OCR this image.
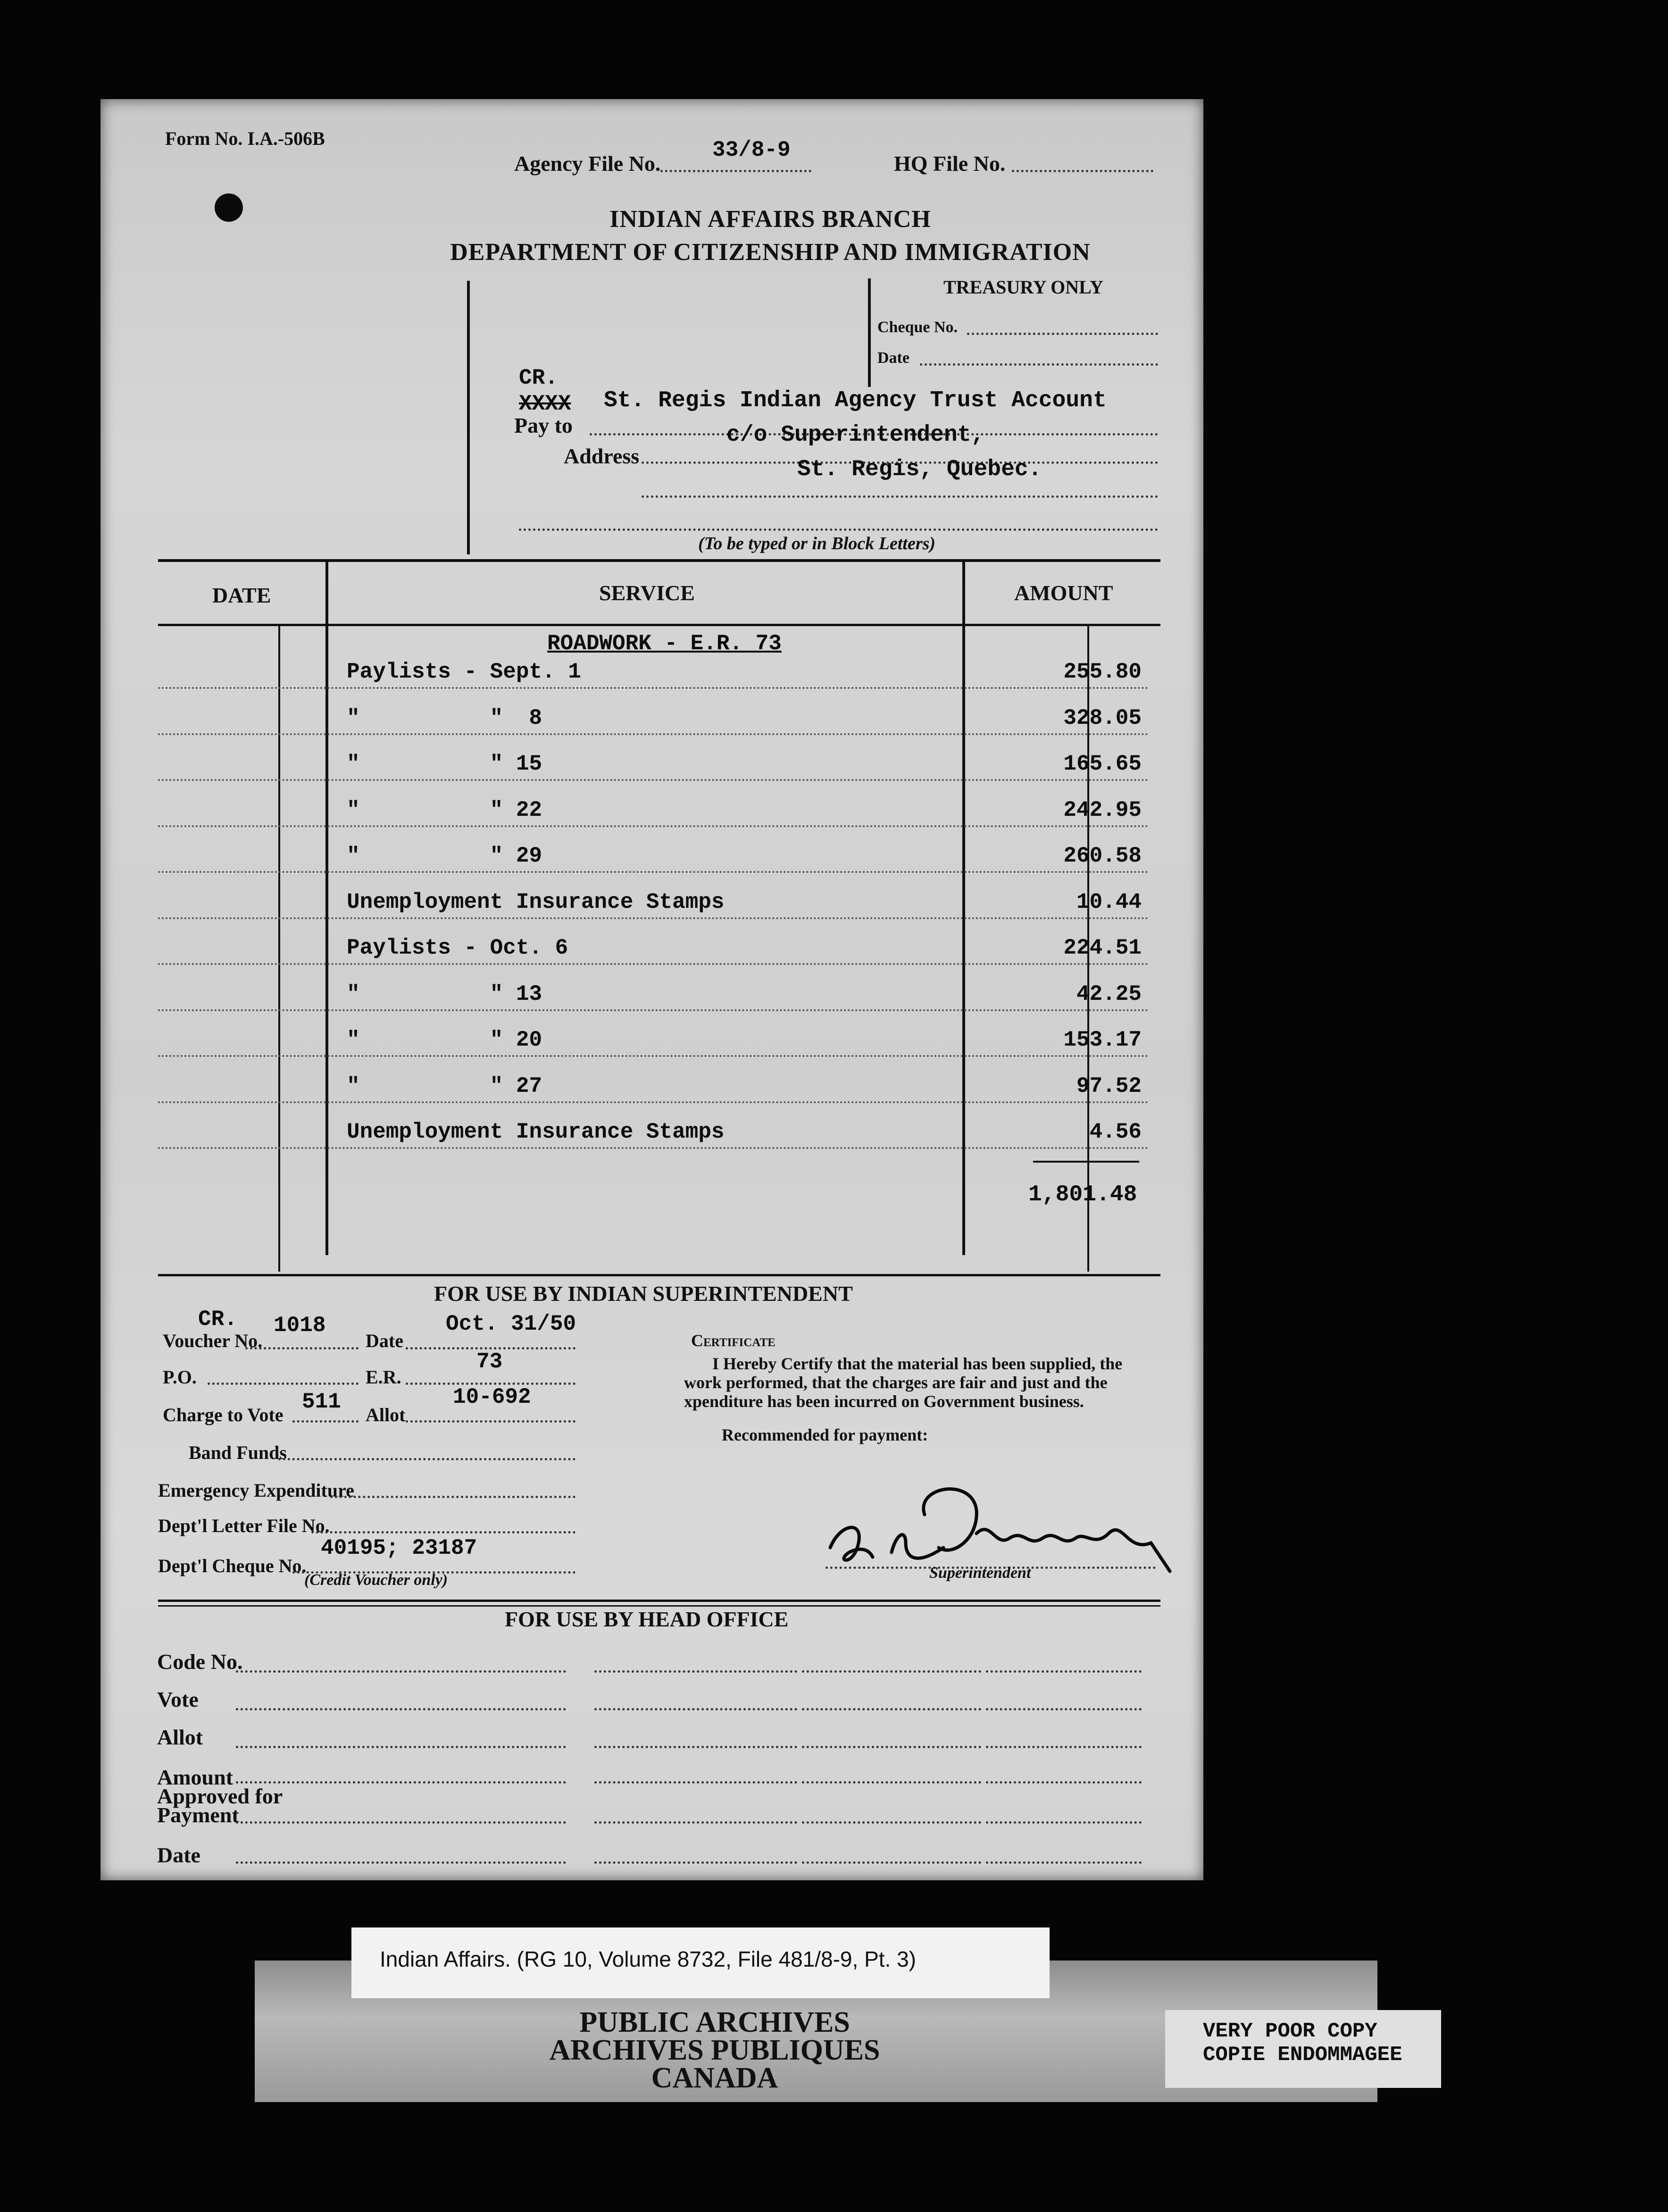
Form No. I.A.-506B
Agency File No.
33/8-9
HQ File No.
INDIAN AFFAIRS BRANCH
DEPARTMENT OF CITIZENSHIP AND IMMIGRATION
TREASURY ONLY
Cheque No.
Date
CR.
XXXX
Pay to
St. Regis Indian Agency Trust Account
c/o Superintendent,
Address
St. Regis, Quebec.
(To be typed or in Block Letters)
DATE	SERVICE	AMOUNT
ROADWORK - E.R. 73
Paylists - Sept. 1	255.80
"          "  8	328.05
"          " 15	165.65
"          " 22	242.95
"          " 29	260.58
Unemployment Insurance Stamps	10.44
Paylists - Oct. 6	224.51
"          " 13	42.25
"          " 20	153.17
"          " 27	97.52
Unemployment Insurance Stamps	4.56
1,801.48
FOR USE BY INDIAN SUPERINTENDENT
CR.
Voucher No.
1018
Date
Oct. 31/50
P.O.	E.R.
73
Charge to Vote
511
Allot
10-692
Band Funds
Emergency Expenditure
Dept'l Letter File No.
Dept'l Cheque No.
40195; 23187
(Credit Voucher only)
Certificate
I Hereby Certify that the material has been supplied, the work performed, that the charges are fair and just and the xpenditure has been incurred on Government business.
Recommended for payment:
Superintendent
FOR USE BY HEAD OFFICE
Code No.
Vote
Allot
Amount
Approved for
Payment
Date
Indian Affairs. (RG 10, Volume 8732, File 481/8-9, Pt. 3)
PUBLIC ARCHIVES
ARCHIVES PUBLIQUES
CANADA
VERY POOR COPY
COPIE ENDOMMAGEE
